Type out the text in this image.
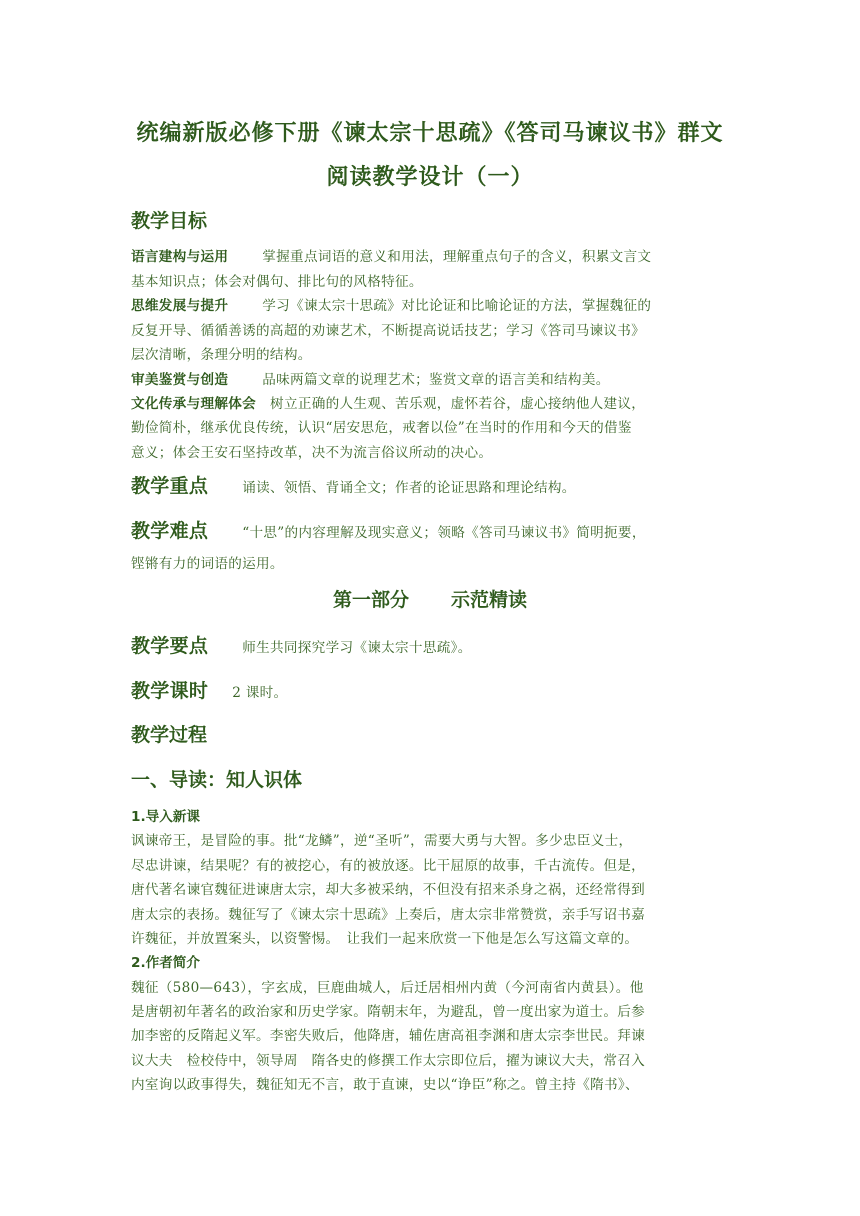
统编新版必修下册《谏太宗十思疏》《答司马谏议书》群文
阅读教学设计（一）
教学目标
语言建构与运用	掌握重点词语的意义和用法，理解重点句子的含义，积累文言文
基本知识点；体会对偶句、排比句的风格特征。
思维发展与提升	学习《谏太宗十思疏》对比论证和比喻论证的方法，掌握魏征的
反复开导、循循善诱的高超的劝谏艺术，不断提高说话技艺；学习《答司马谏议书》
层次清晰，条理分明的结构。
审美鉴赏与创造	品味两篇文章的说理艺术；鉴赏文章的语言美和结构美。
文化传承与理解体会 树立正确的人生观、苦乐观，虚怀若谷，虚心接纳他人建议，
勤俭简朴，继承优良传统，认识“居安思危，戒奢以俭”在当时的作用和今天的借鉴
意义；体会王安石坚持改革，决不为流言俗议所动的决心。
教学重点	诵读、领悟、背诵全文；作者的论证思路和理论结构。
教学难点	“十思”的内容理解及现实意义；领略《答司马谏议书》简明扼要，
铿锵有力的词语的运用。
第一部分 示范精读
教学要点	师生共同探究学习《谏太宗十思疏》。
教学课时 2 课时。
教学过程
一、导读：知人识体
1.导入新课
讽谏帝王，是冒险的事。批“龙鳞”，逆“圣听”，需要大勇与大智。多少忠臣义士，
尽忠讲谏，结果呢？有的被挖心，有的被放逐。比干屈原的故事，千古流传。但是，
唐代著名谏官魏征进谏唐太宗，却大多被采纳，不但没有招来杀身之祸，还经常得到
唐太宗的表扬。魏征写了《谏太宗十思疏》上奏后，唐太宗非常赞赏，亲手写诏书嘉
许魏征，并放置案头，以资警惕。　让我们一起来欣赏一下他是怎么写这篇文章的。
2.作者简介
魏征（580—643），字玄成，巨鹿曲城人，后迁居相州内黄（今河南省内黄县）。他
是唐朝初年著名的政治家和历史学家。隋朝末年，为避乱，曾一度出家为道士。后参
加李密的反隋起义军。李密失败后，他降唐，辅佐唐高祖李渊和唐太宗李世民。拜谏
议大夫　检校侍中，领导周　隋各史的修撰工作太宗即位后，擢为谏议大夫，常召入
内室询以政事得失，魏征知无不言，敢于直谏，史以“诤臣”称之。曾主持《隋书》、
